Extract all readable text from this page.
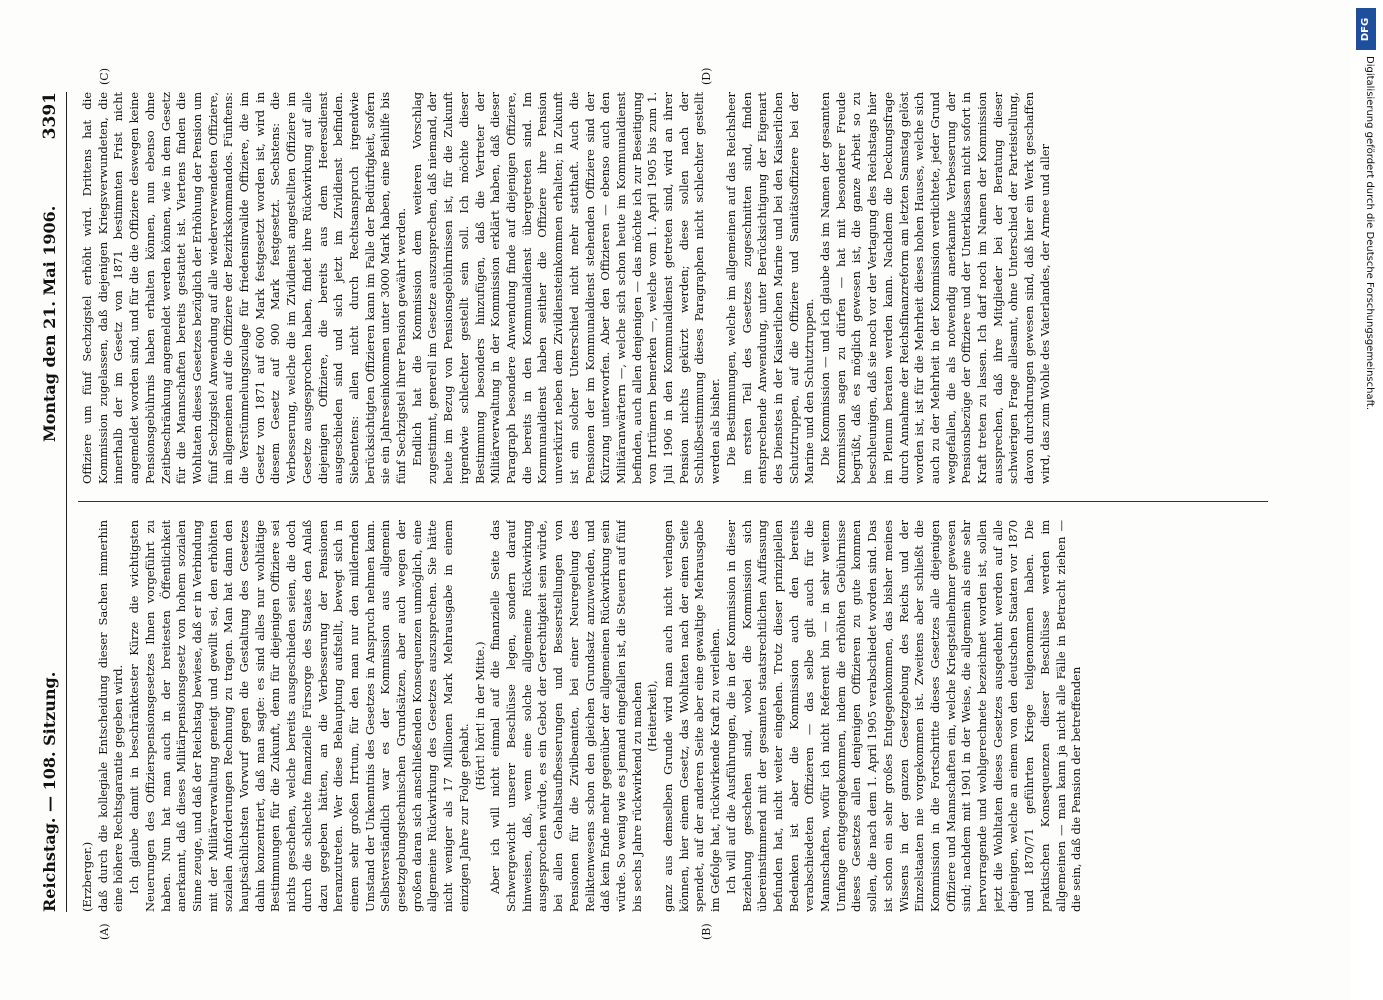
Reichstag. — 108. Sitzung.
Montag den 21. Mai 1906.
3391
(A)	(B)
(C)	(D)

(Erzberger.) daß durch die kollegiale Entscheidung dieser Sachen immerhin eine höhere Rechtsgarantie gegeben wird. Ich glaube damit in beschränktester Kürze die wichtigsten Neuerungen des Offizierspensionsgesetzes Ihnen vorgeführt zu haben. Nun hat man auch in der breitesten Öffentlichkeit anerkannt, daß dieses Militärpensionsgesetz von hohem sozialen Sinne zeuge, und daß der Reichstag bewiese, daß er in Verbindung mit der Militärverwaltung geneigt und gewillt sei, den erhöhten sozialen Anforderungen Rechnung zu tragen. Man hat dann den hauptsächlichsten Vorwurf gegen die Gestaltung des Gesetzes dahin konzentriert, daß man sagte: es sind alles nur wohltätige Bestimmungen für die Zukunft, denn für diejenigen Offiziere sei nichts geschehen, welche bereits ausgeschieden seien, die doch durch die schlechte finanzielle Fürsorge des Staates den Anlaß dazu gegeben hätten, an die Verbesserung der Pensionen heranzutreten. Wer diese Behauptung aufstellt, bewegt sich in einem sehr großen Irrtum, für den man nur den mildernden Umstand der Unkenntnis des Gesetzes in Anspruch nehmen kann. Selbstverständlich war es der Kommission aus allgemein gesetzgebungstechnischen Grundsätzen, aber auch wegen der großen daran sich anschließenden Konsequenzen unmöglich, eine allgemeine Rückwirkung des Gesetzes auszusprechen. Sie hätte nicht weniger als 17 Millionen Mark Mehrausgabe in einem einzigen Jahre zur Folge gehabt.

(Hört! hört! in der Mitte.) Aber ich will nicht einmal auf die finanzielle Seite das Schwergewicht unserer Beschlüsse legen, sondern darauf hinweisen, daß, wenn eine solche allgemeine Rückwirkung ausgesprochen würde, es ein Gebot der Gerechtigkeit sein würde, bei allen Gehaltsaufbesserungen und Besserstellungen von Pensionen für die Zivilbeamten, bei einer Neuregelung des Reliktenwesens schon den gleichen Grundsatz anzuwenden, und daß kein Ende mehr gegenüber der allgemeinen Rückwirkung sein würde. So wenig wie es jemand eingefallen ist, die Steuern auf fünf bis sechs Jahre rückwirkend zu machen (Heiterkeit), ganz aus demselben Grunde wird man auch nicht verlangen können, hier einem Gesetz, das Wohltaten nach der einen Seite spendet, auf der anderen Seite aber eine gewaltige Mehrausgabe im Gefolge hat, rückwirkende Kraft zu verleihen. Ich will auf die Ausführungen, die in der Kommission in dieser Beziehung geschehen sind, wobei die Kommission sich übereinstimmend mit der gesamten staatsrechtlichen Auffassung befunden hat, nicht weiter eingehen. Trotz dieser prinzipiellen Bedenken ist aber die Kommission auch den bereits verabschiedeten Offizieren — das selbe gilt auch für die Mannschaften, wofür ich nicht Referent bin — in sehr weitem Umfange entgegengekommen, indem die erhöhten Gebührnisse dieses Gesetzes allen denjenigen Offizieren zu gute kommen sollen, die nach dem 1. April 1905 verabschiedet worden sind. Das ist schon ein sehr großes Entgegenkommen, das bisher meines Wissens in der ganzen Gesetzgebung des Reichs und der Einzelstaaten nie vorgekommen ist. Zweitens aber schließt die Kommission in die Fortschritte dieses Gesetzes alle diejenigen Offiziere und Mannschaften ein, welche Kriegsteilnehmer gewesen sind; nachdem mit 1901 in der Weise, die allgemein als eine sehr hervorragende und wohlgerechnete bezeichnet worden ist, sollen jetzt die Wohltaten dieses Gesetzes ausgedehnt werden auf alle diejenigen, welche an einem von den deutschen Staaten vor 1870 und 1870/71 geführten Kriege teilgenommen haben. Die praktischen Konsequenzen dieser Beschlüsse werden im allgemeinen — man kann ja nicht alle Fälle in Betracht ziehen — die sein, daß die Pension der betreffenden

Offiziere um fünf Sechzigstel erhöht wird. Drittens hat die Kommission zugelassen, daß diejenigen Kriegsverwundeten, die innerhalb der im Gesetz von 1871 bestimmten Frist nicht angemeldet worden sind, und für die die Offiziere deswegen keine Pensionsgebührnis haben erhalten können, nun ebenso ohne Zeitbeschränkung angemeldet werden können, wie in dem Gesetz für die Mannschaften bereits gestattet ist. Viertens finden die Wohltaten dieses Gesetzes bezüglich der Erhöhung der Pension um fünf Sechzigstel Anwendung auf alle wiederverwendeten Offiziere, im allgemeinen auf die Offiziere der Bezirkskommandos. Fünftens: die Verstümmelungszulage für friedensinvalide Offiziere, die im Gesetz von 1871 auf 600 Mark festgesetzt worden ist, wird in diesem Gesetz auf 900 Mark festgesetzt. Sechstens: die Verbesserung, welche die im Zivildienst angestellten Offiziere im Gesetze ausgesprochen haben, findet ihre Rückwirkung auf alle diejenigen Offiziere, die bereits aus dem Heeresdienst ausgeschieden sind und sich jetzt im Zivildienst befinden. Siebentens: allen nicht durch Rechtsanspruch irgendwie berücksichtigten Offizieren kann im Falle der Bedürftigkeit, sofern sie ein Jahreseinkommen unter 3000 Mark haben, eine Beihilfe bis fünf Sechzigstel ihrer Pension gewährt werden. Endlich hat die Kommission dem weiteren Vorschlag zugestimmt, generell im Gesetze auszusprechen, daß niemand, der heute im Bezug von Pensionsgebührnissen ist, für die Zukunft irgendwie schlechter gestellt sein soll. Ich möchte dieser Bestimmung besonders hinzufügen, daß die Vertreter der Militärverwaltung in der Kommission erklärt haben, daß dieser Paragraph besondere Anwendung finde auf diejenigen Offiziere, die bereits in den Kommunaldienst übergetreten sind. Im Kommunaldienst haben seither die Offiziere ihre Pension unverkürzt neben dem Zivildiensteinkommen erhalten; in Zukunft ist ein solcher Unterschied nicht mehr statthaft. Auch die Pensionen der im Kommunaldienst stehenden Offiziere sind der Kürzung unterworfen. Aber den Offizieren — ebenso auch den Militäranwärtern —, welche sich schon heute im Kommunaldienst befinden, auch allen denjenigen — das möchte ich zur Beseitigung von Irrtümern bemerken —, welche vom 1. April 1905 bis zum 1. Juli 1906 in den Kommunaldienst getreten sind, wird an ihrer Pension nichts gekürzt werden; diese sollen nach der Schlußbestimmung dieses Paragraphen nicht schlechter gestellt werden als bisher. Die Bestimmungen, welche im allgemeinen auf das Reichsheer im ersten Teil des Gesetzes zugeschnitten sind, finden entsprechende Anwendung, unter Berücksichtigung der Eigenart des Dienstes in der Kaiserlichen Marine und bei den Kaiserlichen Schutztruppen, auf die Offiziere und Sanitätsoffiziere bei der Marine und den Schutztruppen. Die Kommission — und ich glaube das im Namen der gesamten Kommission sagen zu dürfen — hat mit besonderer Freude begrüßt, daß es möglich gewesen ist, die ganze Arbeit so zu beschleunigen, daß sie noch vor der Vertagung des Reichstags hier im Plenum beraten werden kann. Nachdem die Deckungsfrage durch Annahme der Reichsfinanzreform am letzten Samstag gelöst worden ist, ist für die Mehrheit dieses hohen Hauses, welche sich auch zu der Mehrheit in der Kommission verdichtete, jeder Grund weggefallen, die als notwendig anerkannte Verbesserung der Pensionsbezüge der Offiziere und der Unterklassen nicht sofort in Kraft treten zu lassen. Ich darf noch im Namen der Kommission aussprechen, daß ihre Mitglieder bei der Beratung dieser schwierigen Frage allesamt, ohne Unterschied der Parteistellung, davon durchdrungen gewesen sind, daß hier ein Werk geschaffen wird, das zum Wohle des Vaterlandes, der Armee und aller

DFG
Digitalisierung gefördert durch die Deutsche Forschungsgemeinschaft.
